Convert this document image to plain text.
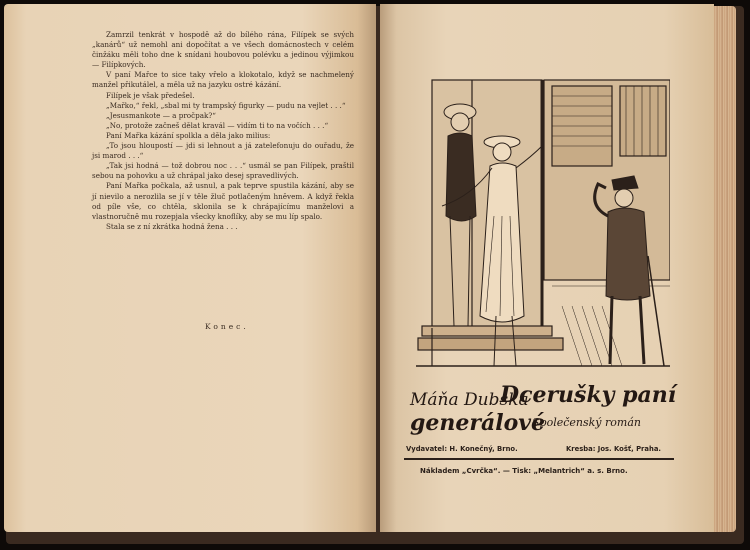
Zamrzil tenkrát v hospodě až do bílého rána, Filípek se svých „kanárů“ už nemohl ani dopočítat a ve všech domácnostech v celém činžáku měli toho dne k snídani houbovou polévku a jedinou výjimkou — Filípkových.

V paní Mařce to sice taky vřelo a klokotalo, když se nachmelený manžel přikutálel, a měla už na jazyku ostré kázání.

Filípek je však předešel.

„Mařko,“ řekl, „sbal mi ty trampský figurky — pudu na vejlet . . .“

„Jesusmankote — a pročpak?“

„No, protože začneš dělat kravál — vidím ti to na vočích . . .“

Paní Mařka kázání spolkla a děla jako milius:

„To jsou hloupostí — jdi si lehnout a já zatelefonuju do ouřadu, že jsi marod . . .“

„Tak jsi hodná — tož dobrou noc . . .“ usmál se pan Filípek, praštil sebou na pohovku a už chrápal jako desej spravedlivých.

Paní Mařka počkala, až usnul, a pak teprve spustila kázání, aby se jí nievilo a nerozlila se jí v těle žluč potlačeným hněvem. A když řekla od píle vše, co chtěla, sklonila se k chrápajícímu manželovi a vlastnoručně mu rozepjala všecky knoflíky, aby se mu líp spalo.

Stala se z ní zkrátka hodná žena . . .

Konec.
Máňa Dubská
Dcerušky paní
generálové
Společenský román
Vydavatel: H. Konečný, Brno.	Kresba: Jos. Košť, Praha.
Nákladem „Cvrčka“. — Tisk: „Melantrich“ a. s. Brno.
